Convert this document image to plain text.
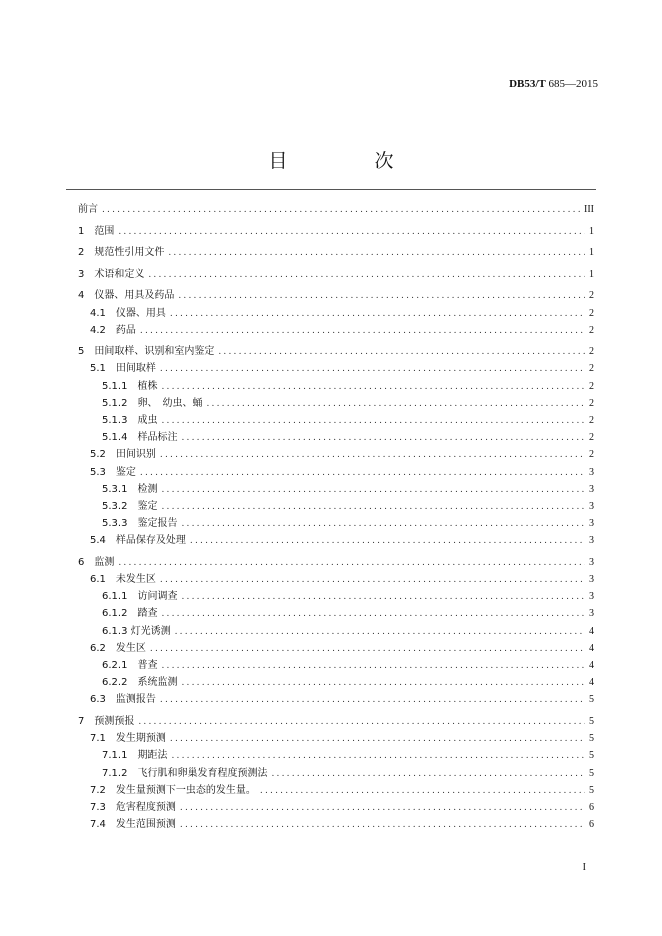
DB53/T 685—2015
目　次
前言 .....	III
1　范围 .....	1
2　规范性引用文件 .....	1
3　术语和定义 .....	1
4　仪器、用具及药品 .....	2
4.1　仪器、用具 .....	2
4.2　药品 .....	2
5　田间取样、识别和室内鉴定 .....	2
5.1　田间取样 .....	2
5.1.1　植株 .....	2
5.1.2　卵、　幼虫、蛹 .....	2
5.1.3　成虫 .....	2
5.1.4　样品标注 .....	2
5.2　田间识别 .....	2
5.3　鉴定 .....	3
5.3.1　检测 .....	3
5.3.2　鉴定 .....	3
5.3.3　鉴定报告 .....	3
5.4　样品保存及处理 .....	3
6　监测 .....	3
6.1　未发生区 .....	3
6.1.1　访问调查 .....	3
6.1.2　踏查 .....	3
6.1.3 灯光诱测 .....	4
6.2　发生区 .....	4
6.2.1　普查 .....	4
6.2.2　系统监测 .....	4
6.3　监测报告 .....	5
7　预测预报 .....	5
7.1　发生期预测 .....	5
7.1.1　期距法 .....	5
7.1.2　飞行肌和卵巢发育程度预测法 .....	5
7.2　发生量预测下一虫态的发生量。 .....	5
7.3　危害程度预测 .....	6
7.4　发生范围预测 .....	6
I
